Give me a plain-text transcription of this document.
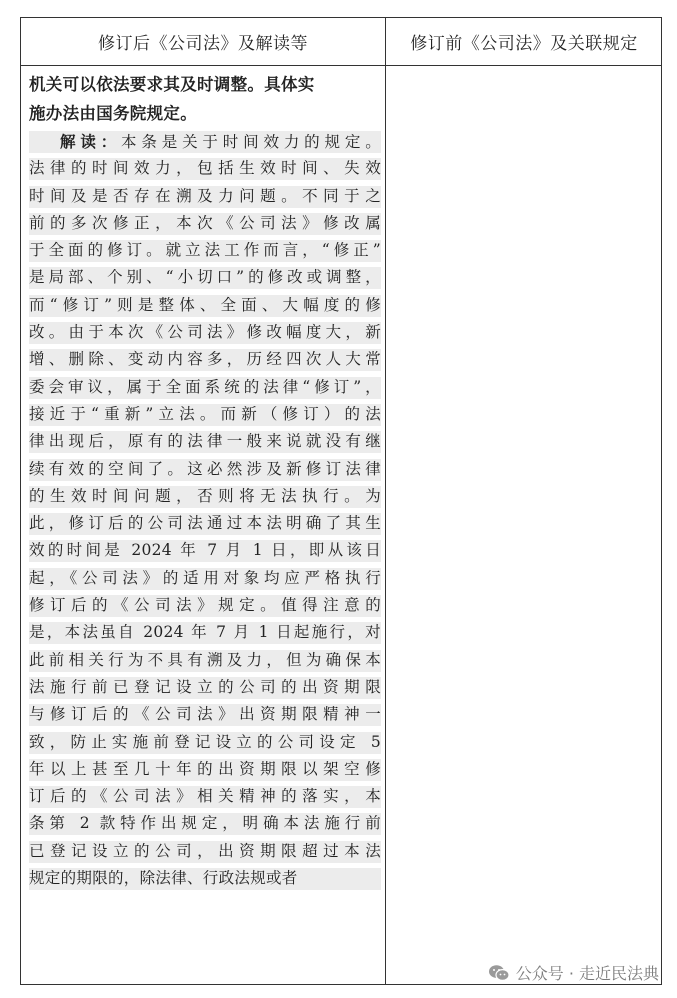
修订后《公司法》及解读等	修订前《公司法》及关联规定
机关可以依法要求其及时调整。具体实
施办法由国务院规定。
解读：本条是关于时间效力的规定。
法律的时间效力，包括生效时间、失效
时间及是否存在溯及力问题。不同于之
前的多次修正，本次《公司法》修改属
于全面的修订。就立法工作而言，“修正”
是局部、个别、“小切口”的修改或调整，
而“修订”则是整体、全面、大幅度的修
改。由于本次《公司法》修改幅度大，新
增、删除、变动内容多，历经四次人大常
委会审议，属于全面系统的法律“修订”，
接近于“重新”立法。而新（修订）的法
律出现后，原有的法律一般来说就没有继
续有效的空间了。这必然涉及新修订法律
的生效时间问题，否则将无法执行。为
此，修订后的公司法通过本法明确了其生
效的时间是 2024 年 7 月 1 日，即从该日
起，《公司法》的适用对象均应严格执行
修订后的《公司法》规定。值得注意的
是，本法虽自 2024 年 7 月 1 日起施行，对
此前相关行为不具有溯及力，但为确保本
法施行前已登记设立的公司的出资期限
与修订后的《公司法》出资期限精神一
致，防止实施前登记设立的公司设定 5
年以上甚至几十年的出资期限以架空修
订后的《公司法》相关精神的落实，本
条第 2 款特作出规定，明确本法施行前
已登记设立的公司，出资期限超过本法
规定的期限的，除法律、行政法规或者
公众号 · 走近民法典
